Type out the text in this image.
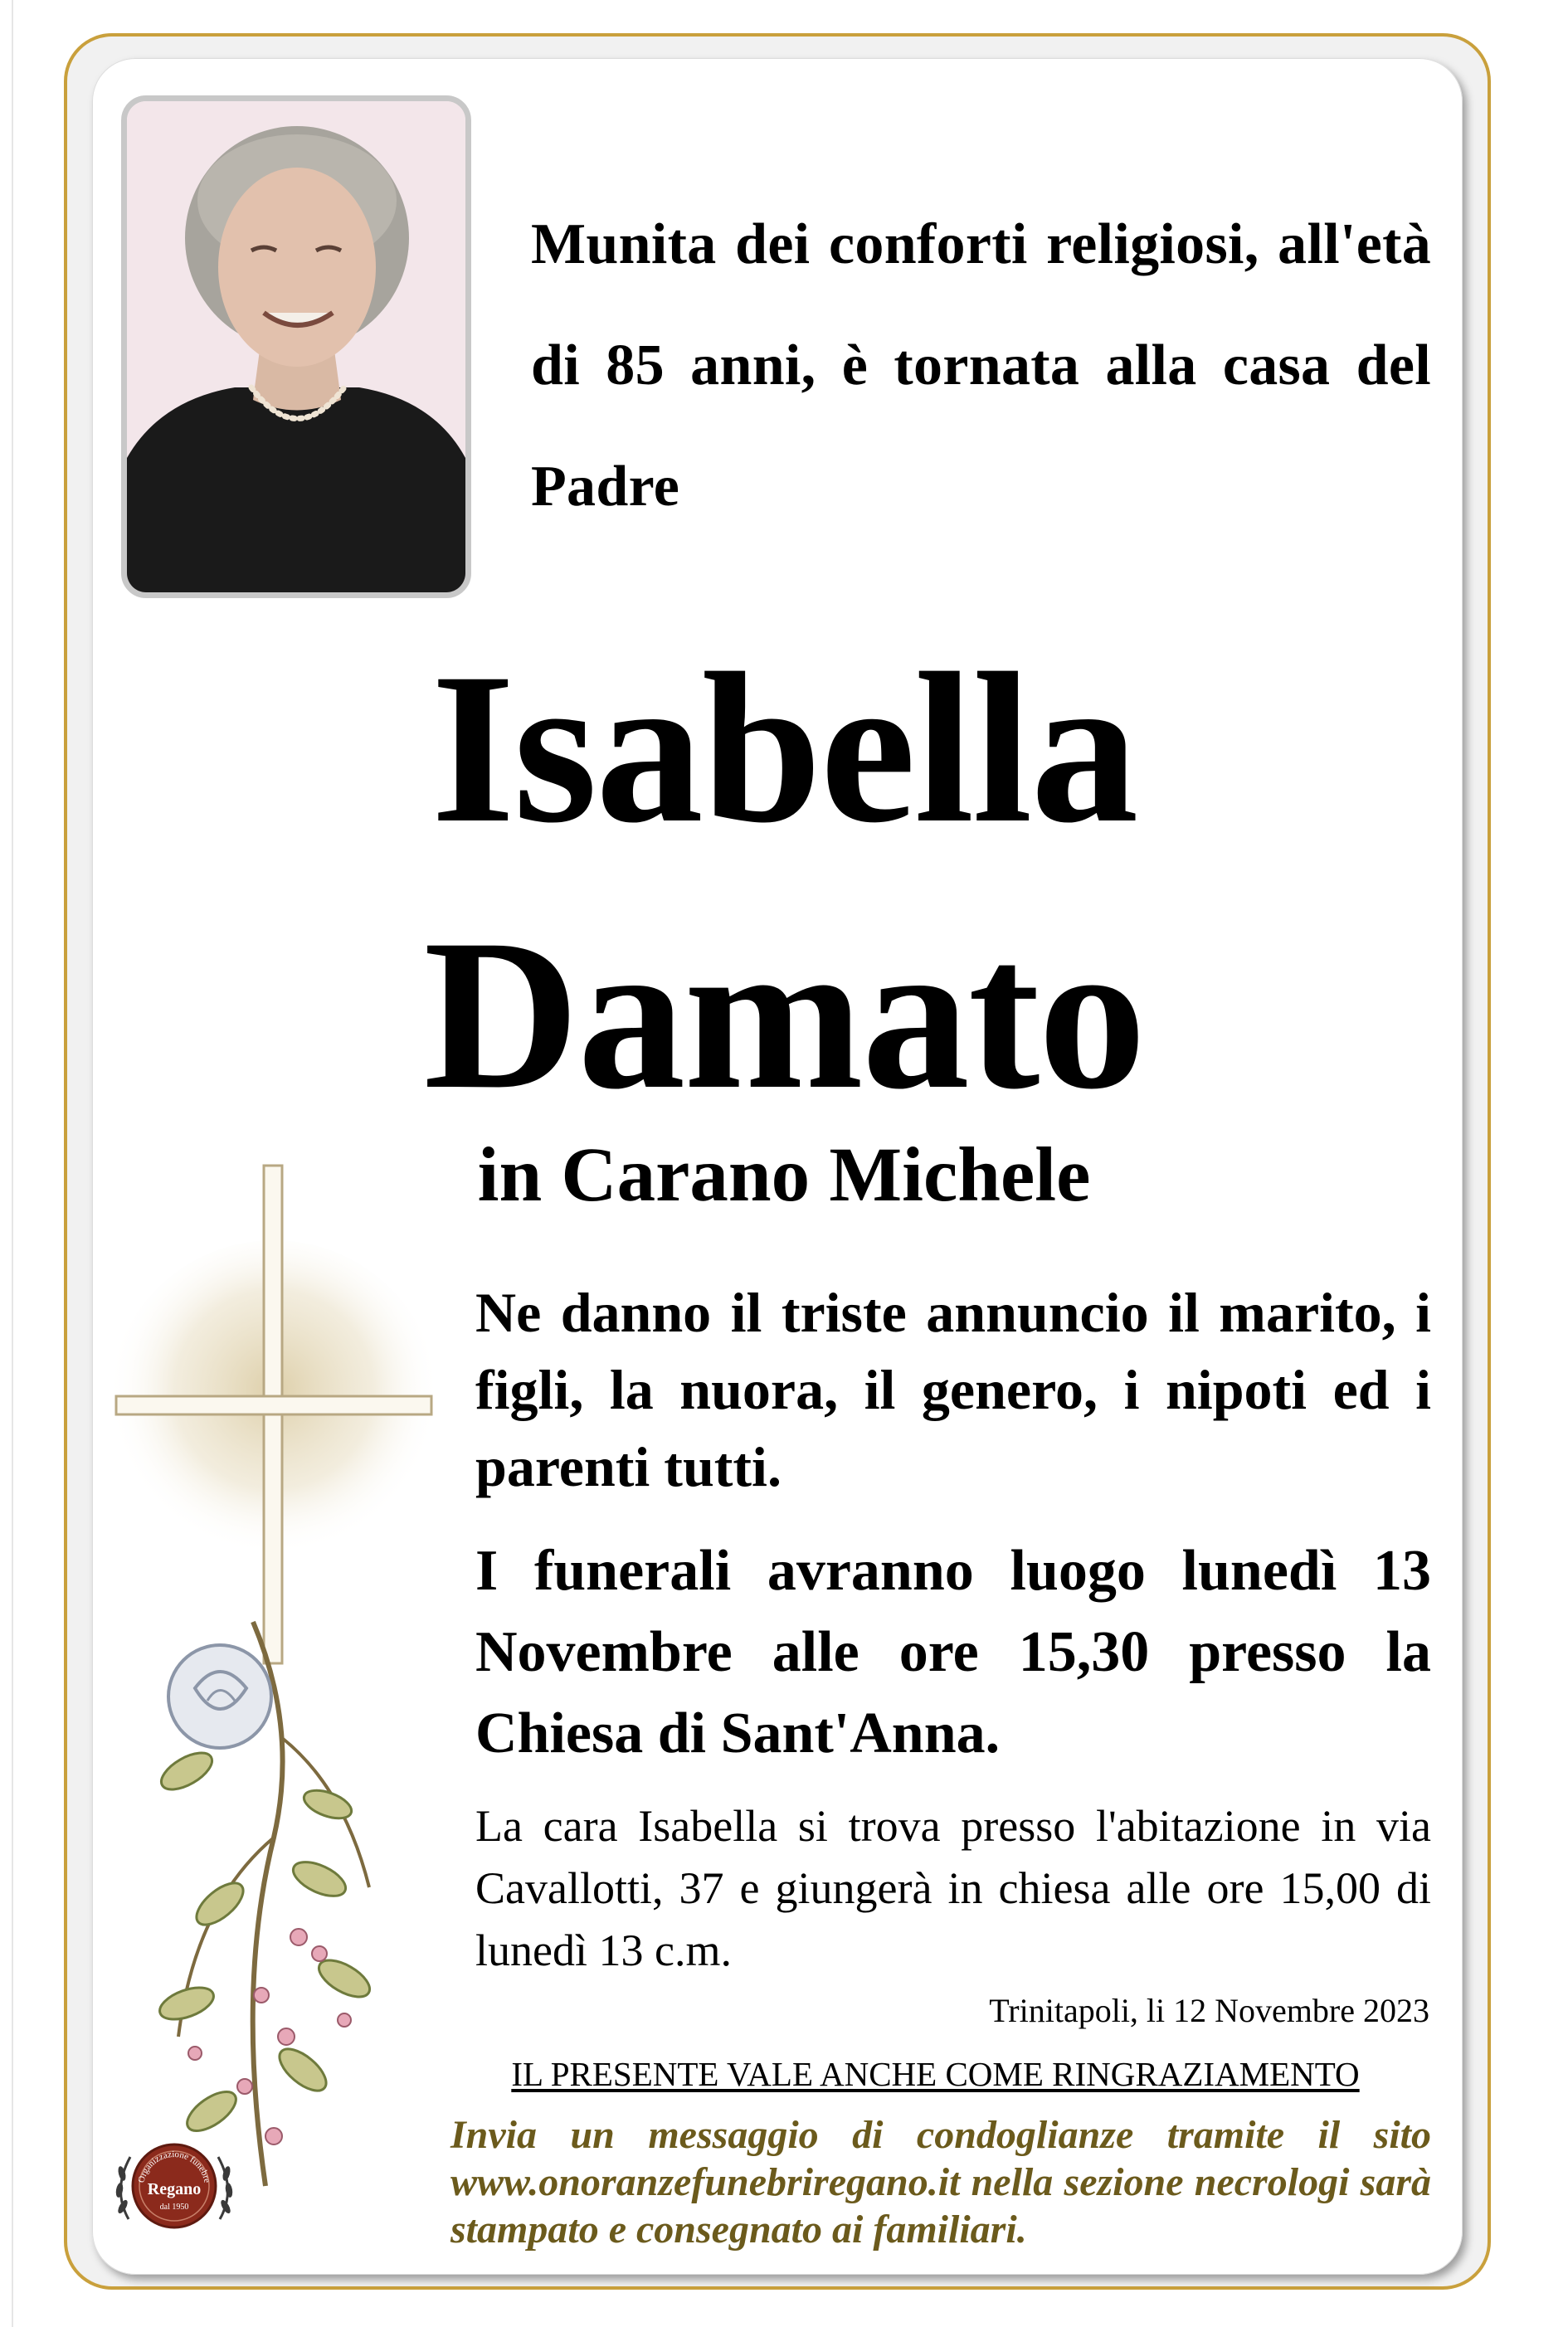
Munita dei conforti religiosi, all'età di 85 anni, è tornata alla casa del Padre

Isabella
Damato

in Carano Michele

Ne danno il triste annuncio il marito, i figli, la nuora, il genero, i nipoti ed i parenti tutti.

I funerali avranno luogo lunedì 13 Novembre alle ore 15,30 presso la Chiesa di Sant'Anna.

La cara Isabella si trova presso l'abitazione in via Cavallotti, 37 e giungerà in chiesa alle ore 15,00 di lunedì 13 c.m.

Trinitapoli, li 12 Novembre 2023

IL PRESENTE VALE ANCHE COME RINGRAZIAMENTO

Invia un messaggio di condoglianze tramite il sito www.onoranzefunebriregano.it nella sezione necrologi sarà stampato e consegnato ai familiari.

Organizzazione funebre
Regano
dal 1950
